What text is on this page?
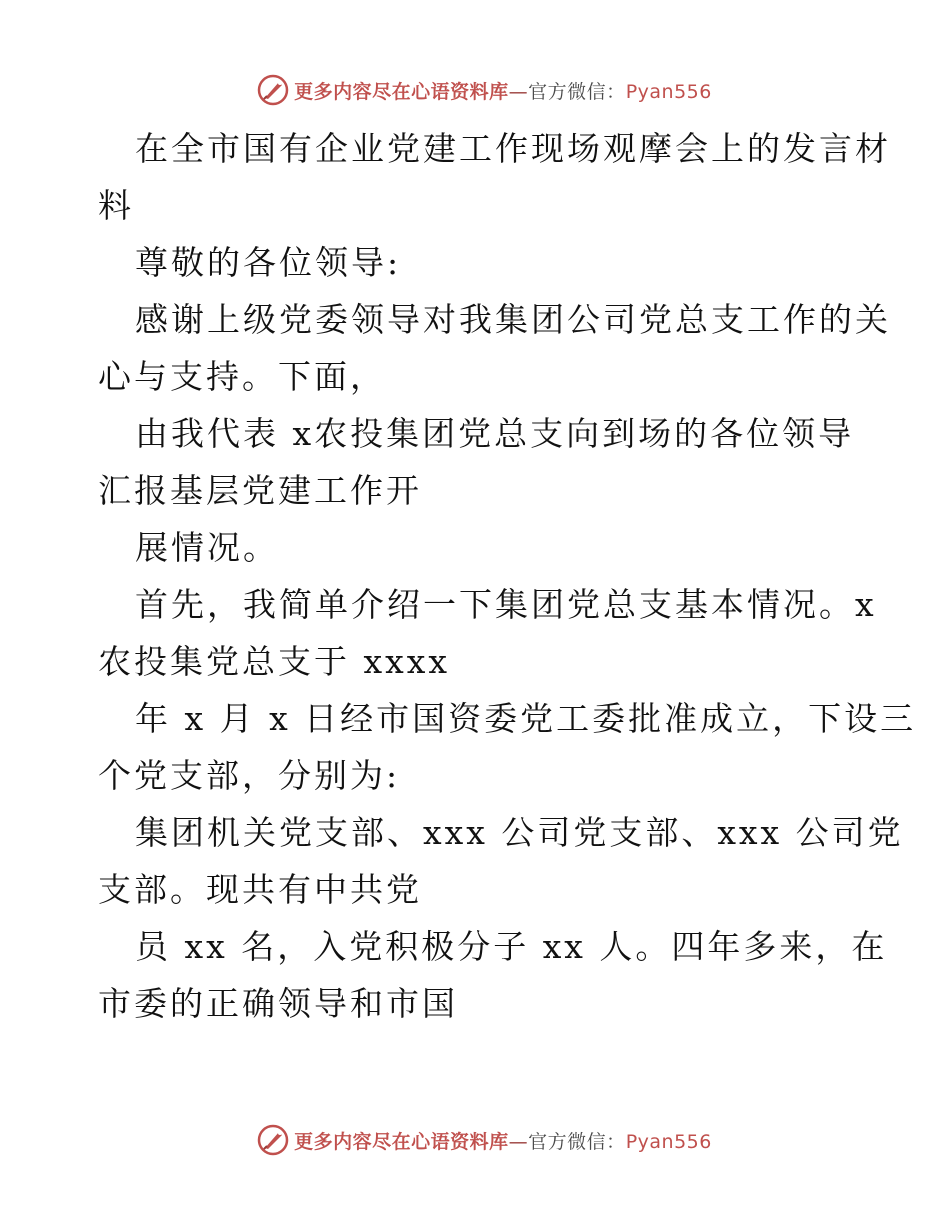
更多内容尽在心语资料库—官方微信：Pyan556

在全市国有企业党建工作现场观摩会上的发言材

料

尊敬的各位领导:

感谢上级党委领导对我集团公司党总支工作的关

心与支持。下面，

由我代表 x农投集团党总支向到场的各位领导

汇报基层党建工作开

展情况。

首先，我简单介绍一下集团党总支基本情况。x

农投集党总支于 xxxx

年 x 月 x 日经市国资委党工委批准成立，下设三

个党支部，分别为:

集团机关党支部、xxx 公司党支部、xxx 公司党

支部。现共有中共党

员 xx 名，入党积极分子 xx 人。四年多来，在

市委的正确领导和市国

更多内容尽在心语资料库—官方微信：Pyan556
